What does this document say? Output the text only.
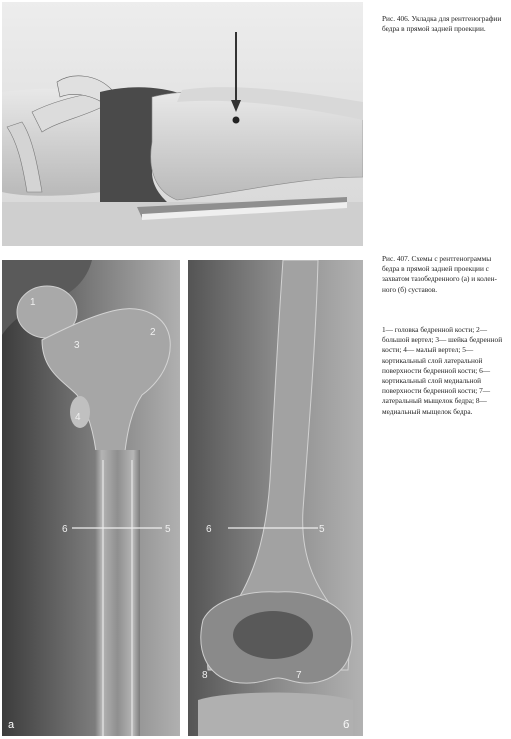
Рис. 406. Укладка для рентгенографии бедра в прямой задней проекции.
1
2
3
4
6	5
а
6	5
8	7
б
Рис. 407. Схемы с рентгенограммы бедра в прямой задней проекции с захватом тазобедренного (а) и коленного (б) суставов.
1— головка бедренной кости; 2— большой вертел; 3— шейка бедренной кости; 4— малый вертел; 5— кортикальный слой латеральной поверхности бедренной кости; 6— кортикальный слой медиальной поверхности бедренной кости; 7— латеральный мыщелок бедра; 8— медиальный мыщелок бедра.
